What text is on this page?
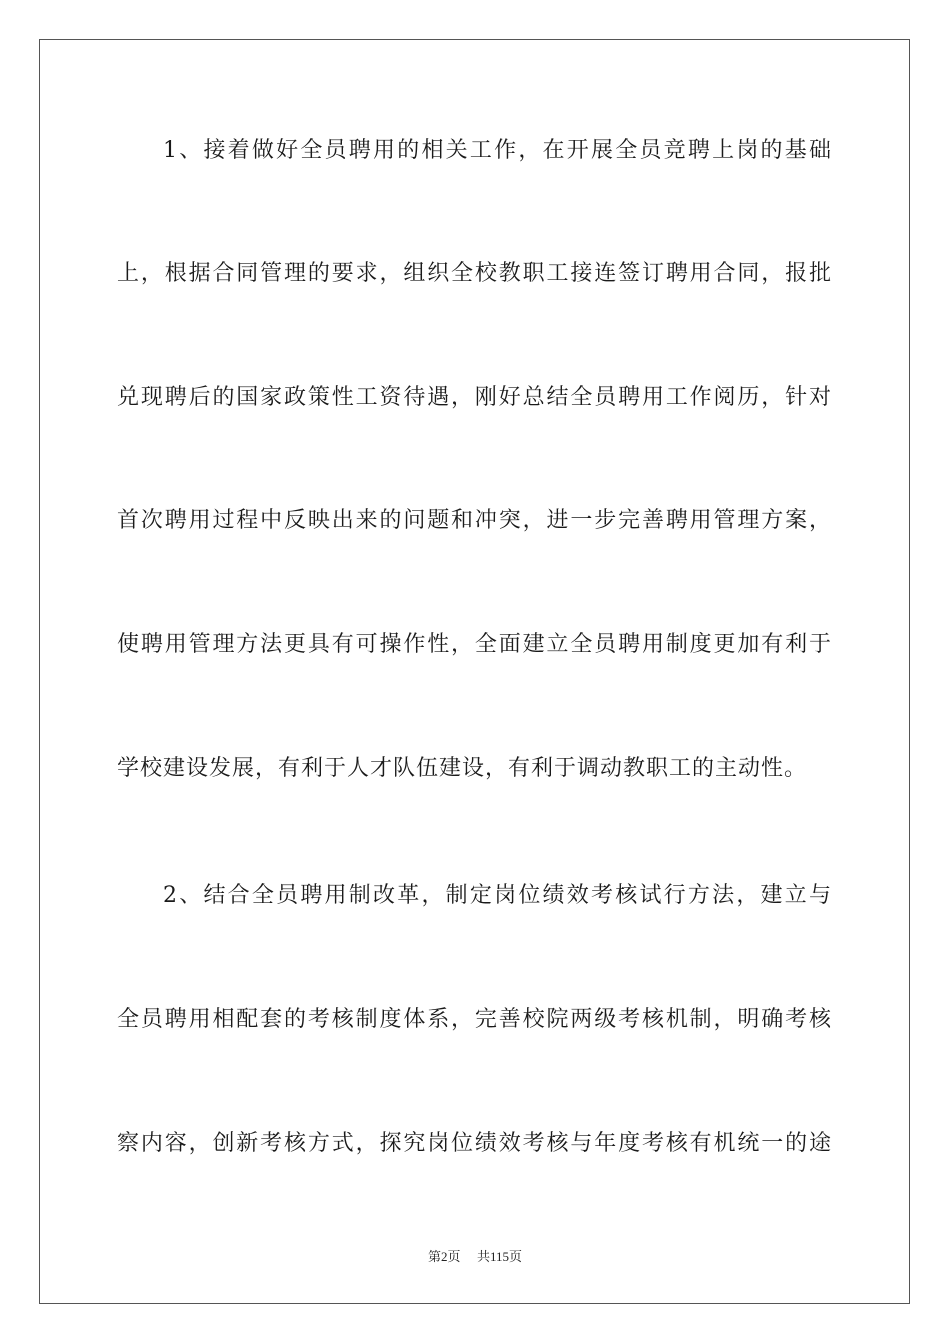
1、接着做好全员聘用的相关工作，在开展全员竞聘上岗的基础
上，根据合同管理的要求，组织全校教职工接连签订聘用合同，报批
兑现聘后的国家政策性工资待遇，刚好总结全员聘用工作阅历，针对
首次聘用过程中反映出来的问题和冲突，进一步完善聘用管理方案，
使聘用管理方法更具有可操作性，全面建立全员聘用制度更加有利于
学校建设发展，有利于人才队伍建设，有利于调动教职工的主动性。
2、结合全员聘用制改革，制定岗位绩效考核试行方法，建立与
全员聘用相配套的考核制度体系，完善校院两级考核机制，明确考核
察内容，创新考核方式，探究岗位绩效考核与年度考核有机统一的途
第2页 共115页
